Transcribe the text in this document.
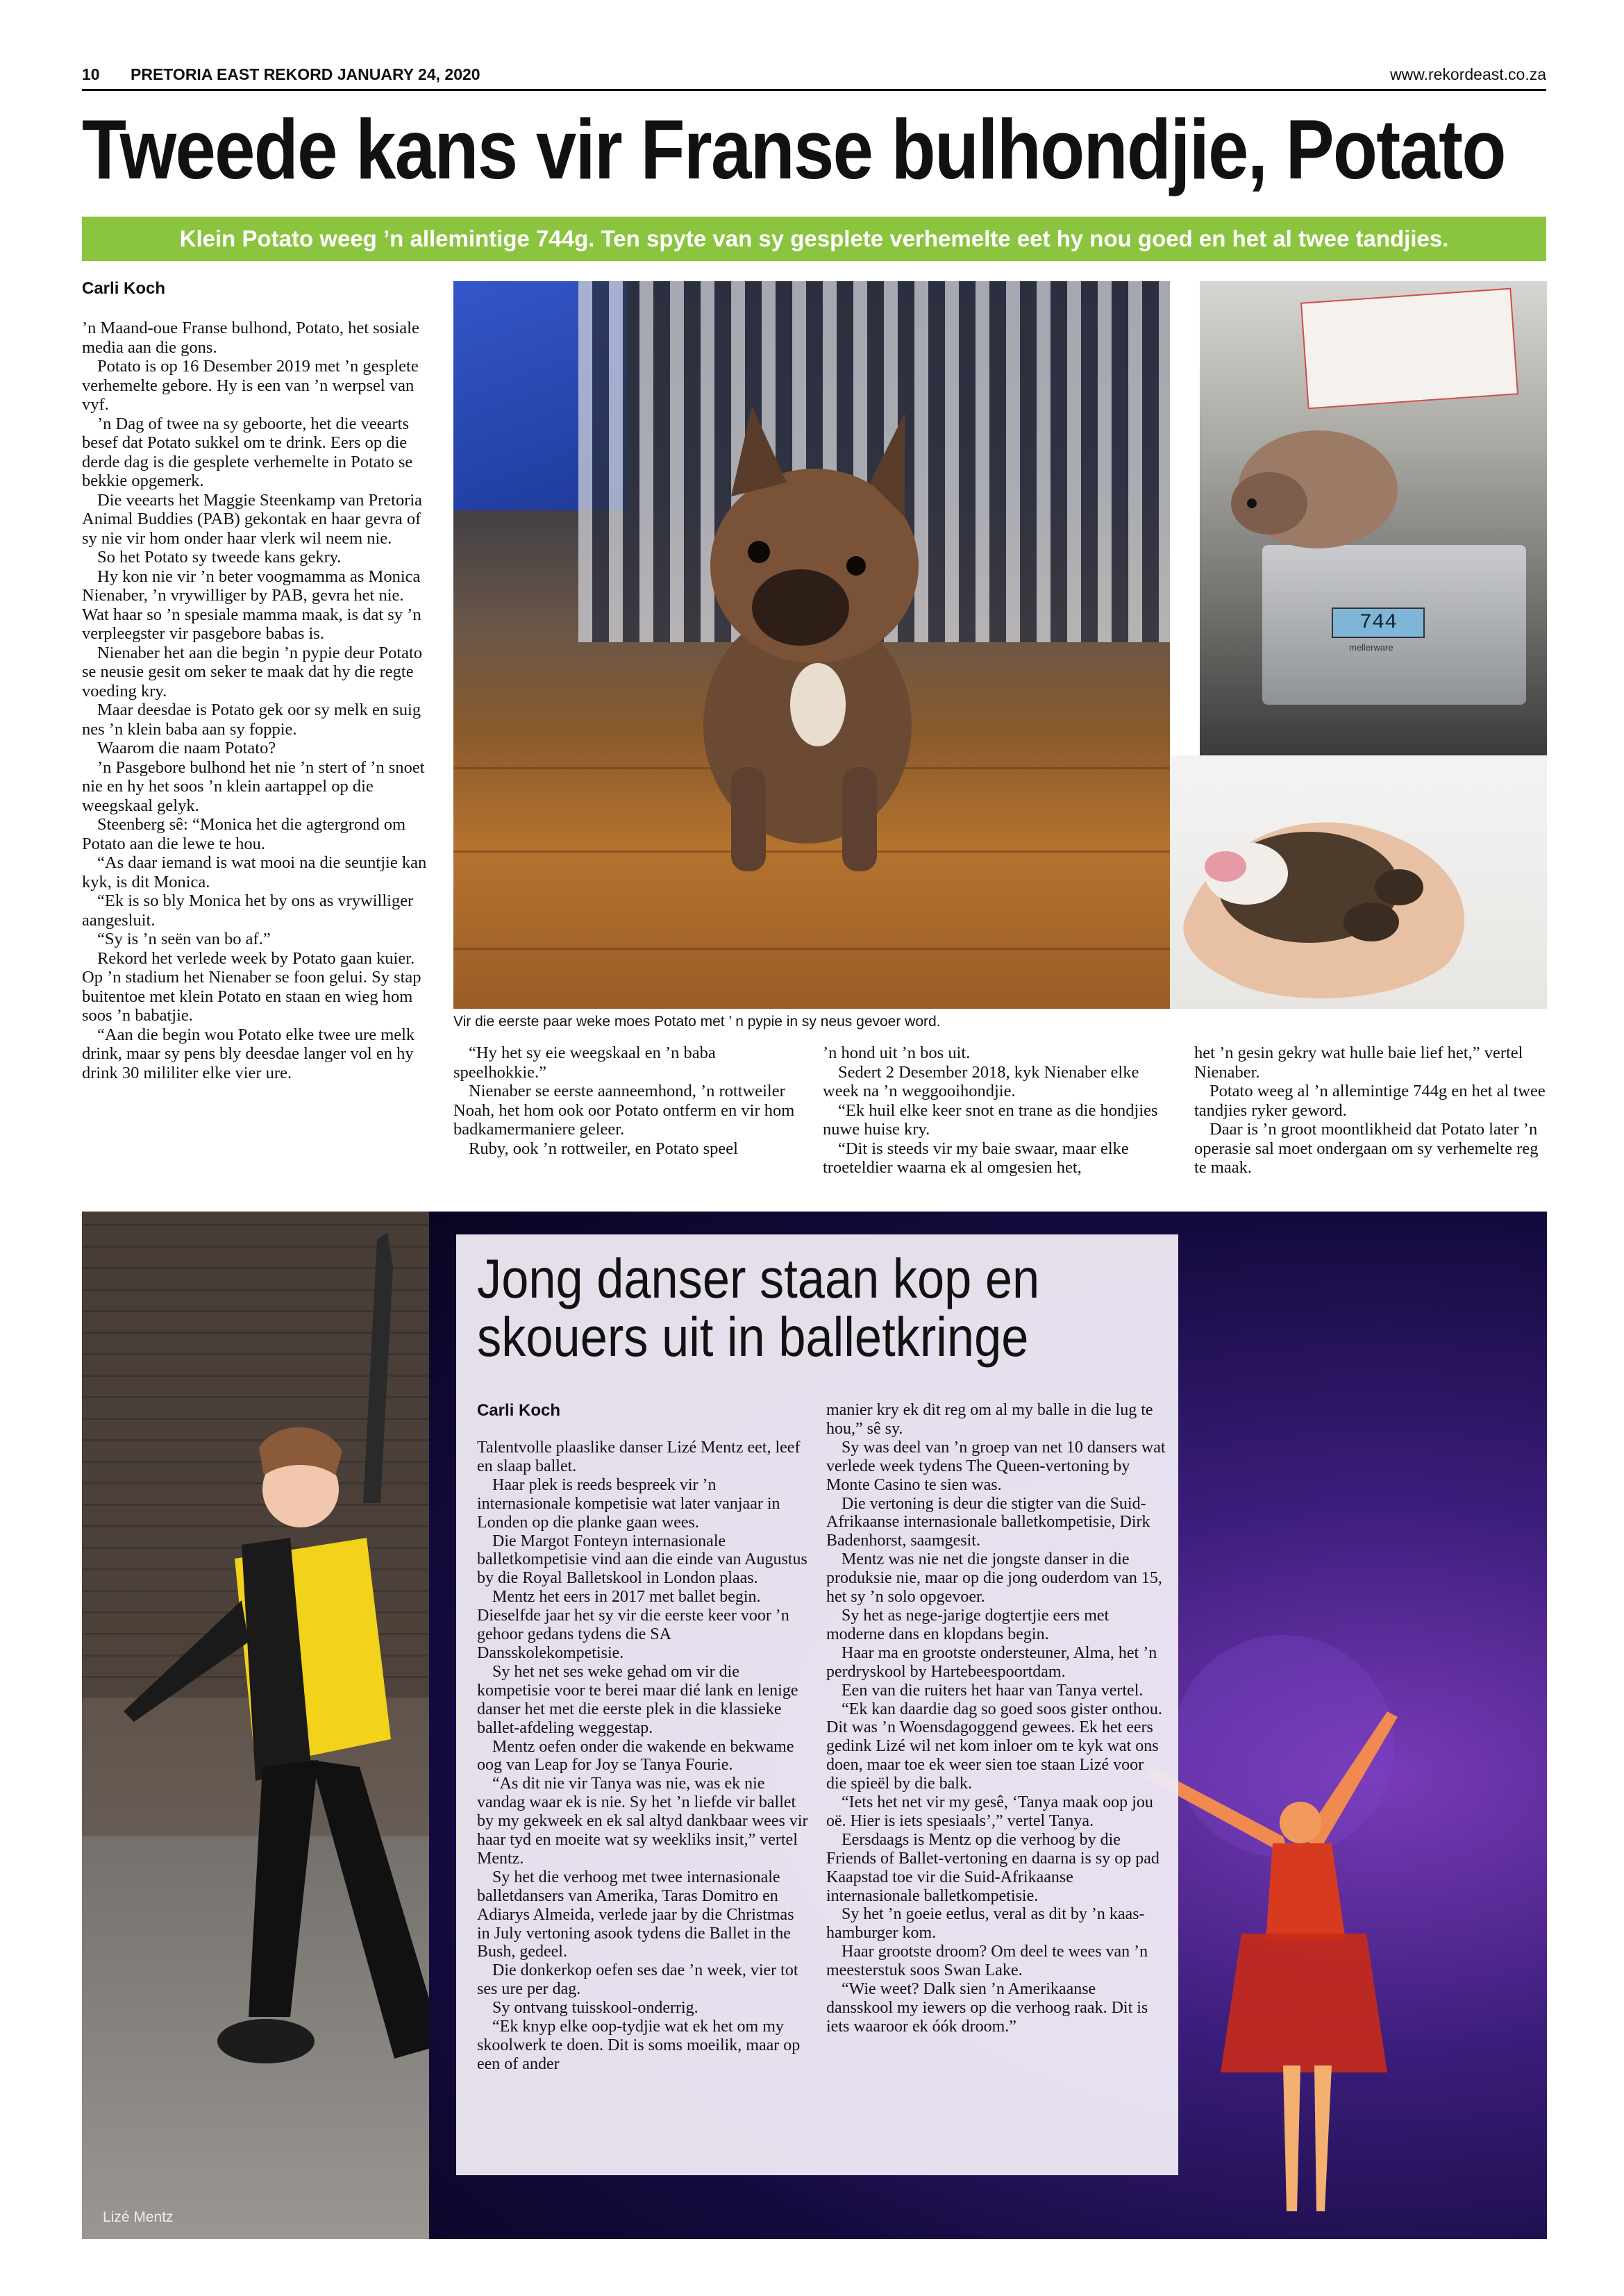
10 PRETORIA EAST REKORD JANUARY 24, 2020	www.rekordeast.co.za
Tweede kans vir Franse bulhondjie, Potato
Klein Potato weeg ’n allemintige 744g. Ten spyte van sy gesplete verhemelte eet hy nou goed en het al twee tandjies.
Carli Koch

’n Maand-oue Franse bulhond, Potato, het sosiale media aan die gons.

Potato is op 16 Desember 2019 met ’n gesplete verhemelte gebore. Hy is een van ’n werpsel van vyf.

’n Dag of twee na sy geboorte, het die veearts besef dat Potato sukkel om te drink. Eers op die derde dag is die gesplete verhemelte in Potato se bekkie opgemerk.

Die veearts het Maggie Steenkamp van Pretoria Animal Buddies (PAB) gekontak en haar gevra of sy nie vir hom onder haar vlerk wil neem nie.

So het Potato sy tweede kans gekry.

Hy kon nie vir ’n beter voogmamma as Monica Nienaber, ’n vrywilliger by PAB, gevra het nie. Wat haar so ’n spesiale mamma maak, is dat sy ’n verpleegster vir pasgebore babas is.

Nienaber het aan die begin ’n pypie deur Potato se neusie gesit om seker te maak dat hy die regte voeding kry.

Maar deesdae is Potato gek oor sy melk en suig nes ’n klein baba aan sy foppie.

Waarom die naam Potato?

’n Pasgebore bulhond het nie ’n stert of ’n snoet nie en hy het soos ’n klein aartappel op die weegskaal gelyk.

Steenberg sê: “Monica het die agtergrond om Potato aan die lewe te hou.

“As daar iemand is wat mooi na die seuntjie kan kyk, is dit Monica.

“Ek is so bly Monica het by ons as vrywilliger aangesluit.

“Sy is ’n seën van bo af.”

Rekord het verlede week by Potato gaan kuier. Op ’n stadium het Nienaber se foon gelui. Sy stap buitentoe met klein Potato en staan en wieg hom soos ’n babatjie.

“Aan die begin wou Potato elke twee ure melk drink, maar sy pens bly deesdae langer vol en hy drink 30 mililiter elke vier ure.

“Hy het sy eie weegskaal en ’n baba speelhokkie.”

Nienaber se eerste aanneemhond, ’n rottweiler Noah, het hom ook oor Potato ontferm en vir hom badkamermaniere geleer.

Ruby, ook ’n rottweiler, en Potato speel

’n hond uit ’n bos uit.

Sedert 2 Desember 2018, kyk Nienaber elke week na ’n weggooihondjie.

“Ek huil elke keer snot en trane as die hondjies nuwe huise kry.

“Dit is steeds vir my baie swaar, maar elke troeteldier waarna ek al omgesien het,

het ’n gesin gekry wat hulle baie lief het,” vertel Nienaber.

Potato weeg al ’n allemintige 744g en het al twee tandjies ryker geword.

Daar is ’n groot moontlikheid dat Potato later ’n operasie sal moet ondergaan om sy verhemelte reg te maak.

Vir die eerste paar weke moes Potato met ’ n pypie in sy neus gevoer word.
744
mellerware
Jong danser staan kop en
skouers uit in balletkringe
Carli Koch

Talentvolle plaaslike danser Lizé Mentz eet, leef en slaap ballet.

Haar plek is reeds bespreek vir ’n internasionale kompetisie wat later vanjaar in Londen op die planke gaan wees.

Die Margot Fonteyn internasionale balletkompetisie vind aan die einde van Augustus by die Royal Balletskool in London plaas.

Mentz het eers in 2017 met ballet begin. Dieselfde jaar het sy vir die eerste keer voor ’n gehoor gedans tydens die SA Dansskolekompetisie.

Sy het net ses weke gehad om vir die kompetisie voor te berei maar dié lank en lenige danser het met die eerste plek in die klassieke ballet-afdeling weggestap.

Mentz oefen onder die wakende en bekwame oog van Leap for Joy se Tanya Fourie.

“As dit nie vir Tanya was nie, was ek nie vandag waar ek is nie. Sy het ’n liefde vir ballet by my gekweek en ek sal altyd dankbaar wees vir haar tyd en moeite wat sy weekliks insit,” vertel Mentz.

Sy het die verhoog met twee internasionale balletdansers van Amerika, Taras Domitro en Adiarys Almeida, verlede jaar by die Christmas in July vertoning asook tydens die Ballet in the Bush, gedeel.

Die donkerkop oefen ses dae ’n week, vier tot ses ure per dag.

Sy ontvang tuisskool-onderrig.

“Ek knyp elke oop-tydjie wat ek het om my skoolwerk te doen. Dit is soms moeilik, maar op een of ander

manier kry ek dit reg om al my balle in die lug te hou,” sê sy.

Sy was deel van ’n groep van net 10 dansers wat verlede week tydens The Queen-vertoning by Monte Casino te sien was.

Die vertoning is deur die stigter van die Suid-Afrikaanse internasionale balletkompetisie, Dirk Badenhorst, saamgesit.

Mentz was nie net die jongste danser in die produksie nie, maar op die jong ouderdom van 15, het sy ’n solo opgevoer.

Sy het as nege-jarige dogtertjie eers met moderne dans en klopdans begin.

Haar ma en grootste ondersteuner, Alma, het ’n perdryskool by Hartebeespoortdam.

Een van die ruiters het haar van Tanya vertel.

“Ek kan daardie dag so goed soos gister onthou. Dit was ’n Woensdagoggend gewees. Ek het eers gedink Lizé wil net kom inloer om te kyk wat ons doen, maar toe ek weer sien toe staan Lizé voor die spieël by die balk.

“Iets het net vir my gesê, ‘Tanya maak oop jou oë. Hier is iets spesiaals’,” vertel Tanya.

Eersdaags is Mentz op die verhoog by die Friends of Ballet-vertoning en daarna is sy op pad Kaapstad toe vir die Suid-Afrikaanse internasionale balletkompetisie.

Sy het ’n goeie eetlus, veral as dit by ’n kaas-hamburger kom.

Haar grootste droom? Om deel te wees van ’n meesterstuk soos Swan Lake.

“Wie weet? Dalk sien ’n Amerikaanse dansskool my iewers op die verhoog raak. Dit is iets waaroor ek óók droom.”

Lizé Mentz
